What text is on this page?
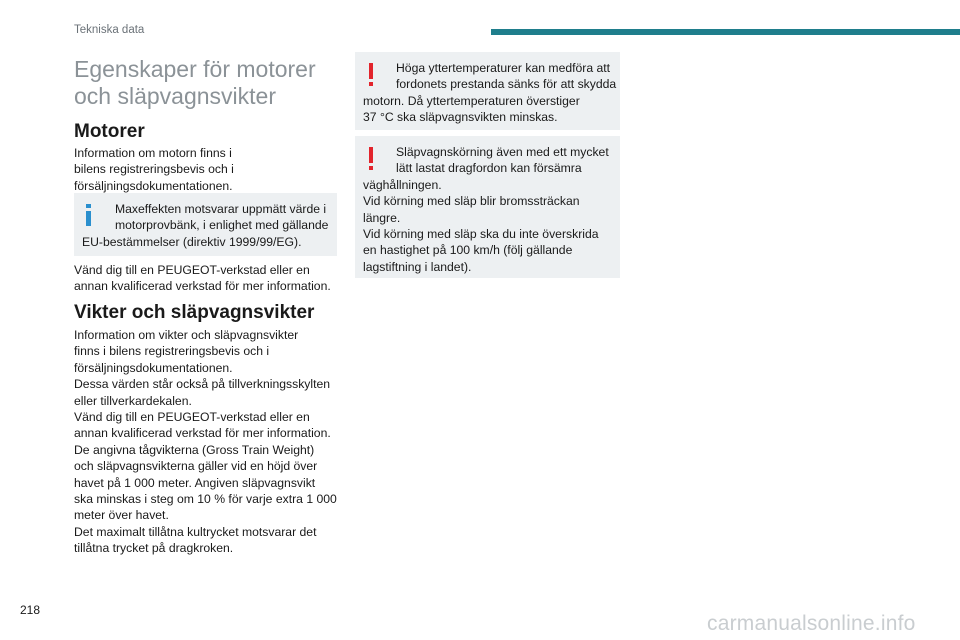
Tekniska data
Egenskaper för motorer
och släpvagnsvikter
Motorer

Information om motorn finns i
bilens registreringsbevis och i
försäljningsdokumentationen.

Maxeffekten motsvarar uppmätt värde i
motorprovbänk, i enlighet med gällande
EU-bestämmelser (direktiv 1999/99/EG).

Vänd dig till en PEUGEOT-verkstad eller en
annan kvalificerad verkstad för mer information.

Vikter och släpvagnsvikter

Information om vikter och släpvagnsvikter
finns i bilens registreringsbevis och i
försäljningsdokumentationen.
Dessa värden står också på tillverkningsskylten
eller tillverkardekalen.
Vänd dig till en PEUGEOT-verkstad eller en
annan kvalificerad verkstad för mer information.
De angivna tågvikterna (Gross Train Weight)
och släpvagnsvikterna gäller vid en höjd över
havet på 1 000 meter. Angiven släpvagnsvikt
ska minskas i steg om 10 % för varje extra 1 000
meter över havet.
Det maximalt tillåtna kultrycket motsvarar det
tillåtna trycket på dragkroken.

Höga yttertemperaturer kan medföra att
fordonets prestanda sänks för att skydda
motorn. Då yttertemperaturen överstiger
37 °C ska släpvagnsvikten minskas.
Släpvagnskörning även med ett mycket
lätt lastat dragfordon kan försämra
väghållningen.
Vid körning med släp blir bromssträckan
längre.
Vid körning med släp ska du inte överskrida
en hastighet på 100 km/h (följ gällande
lagstiftning i landet).
218
carmanualsonline.info
